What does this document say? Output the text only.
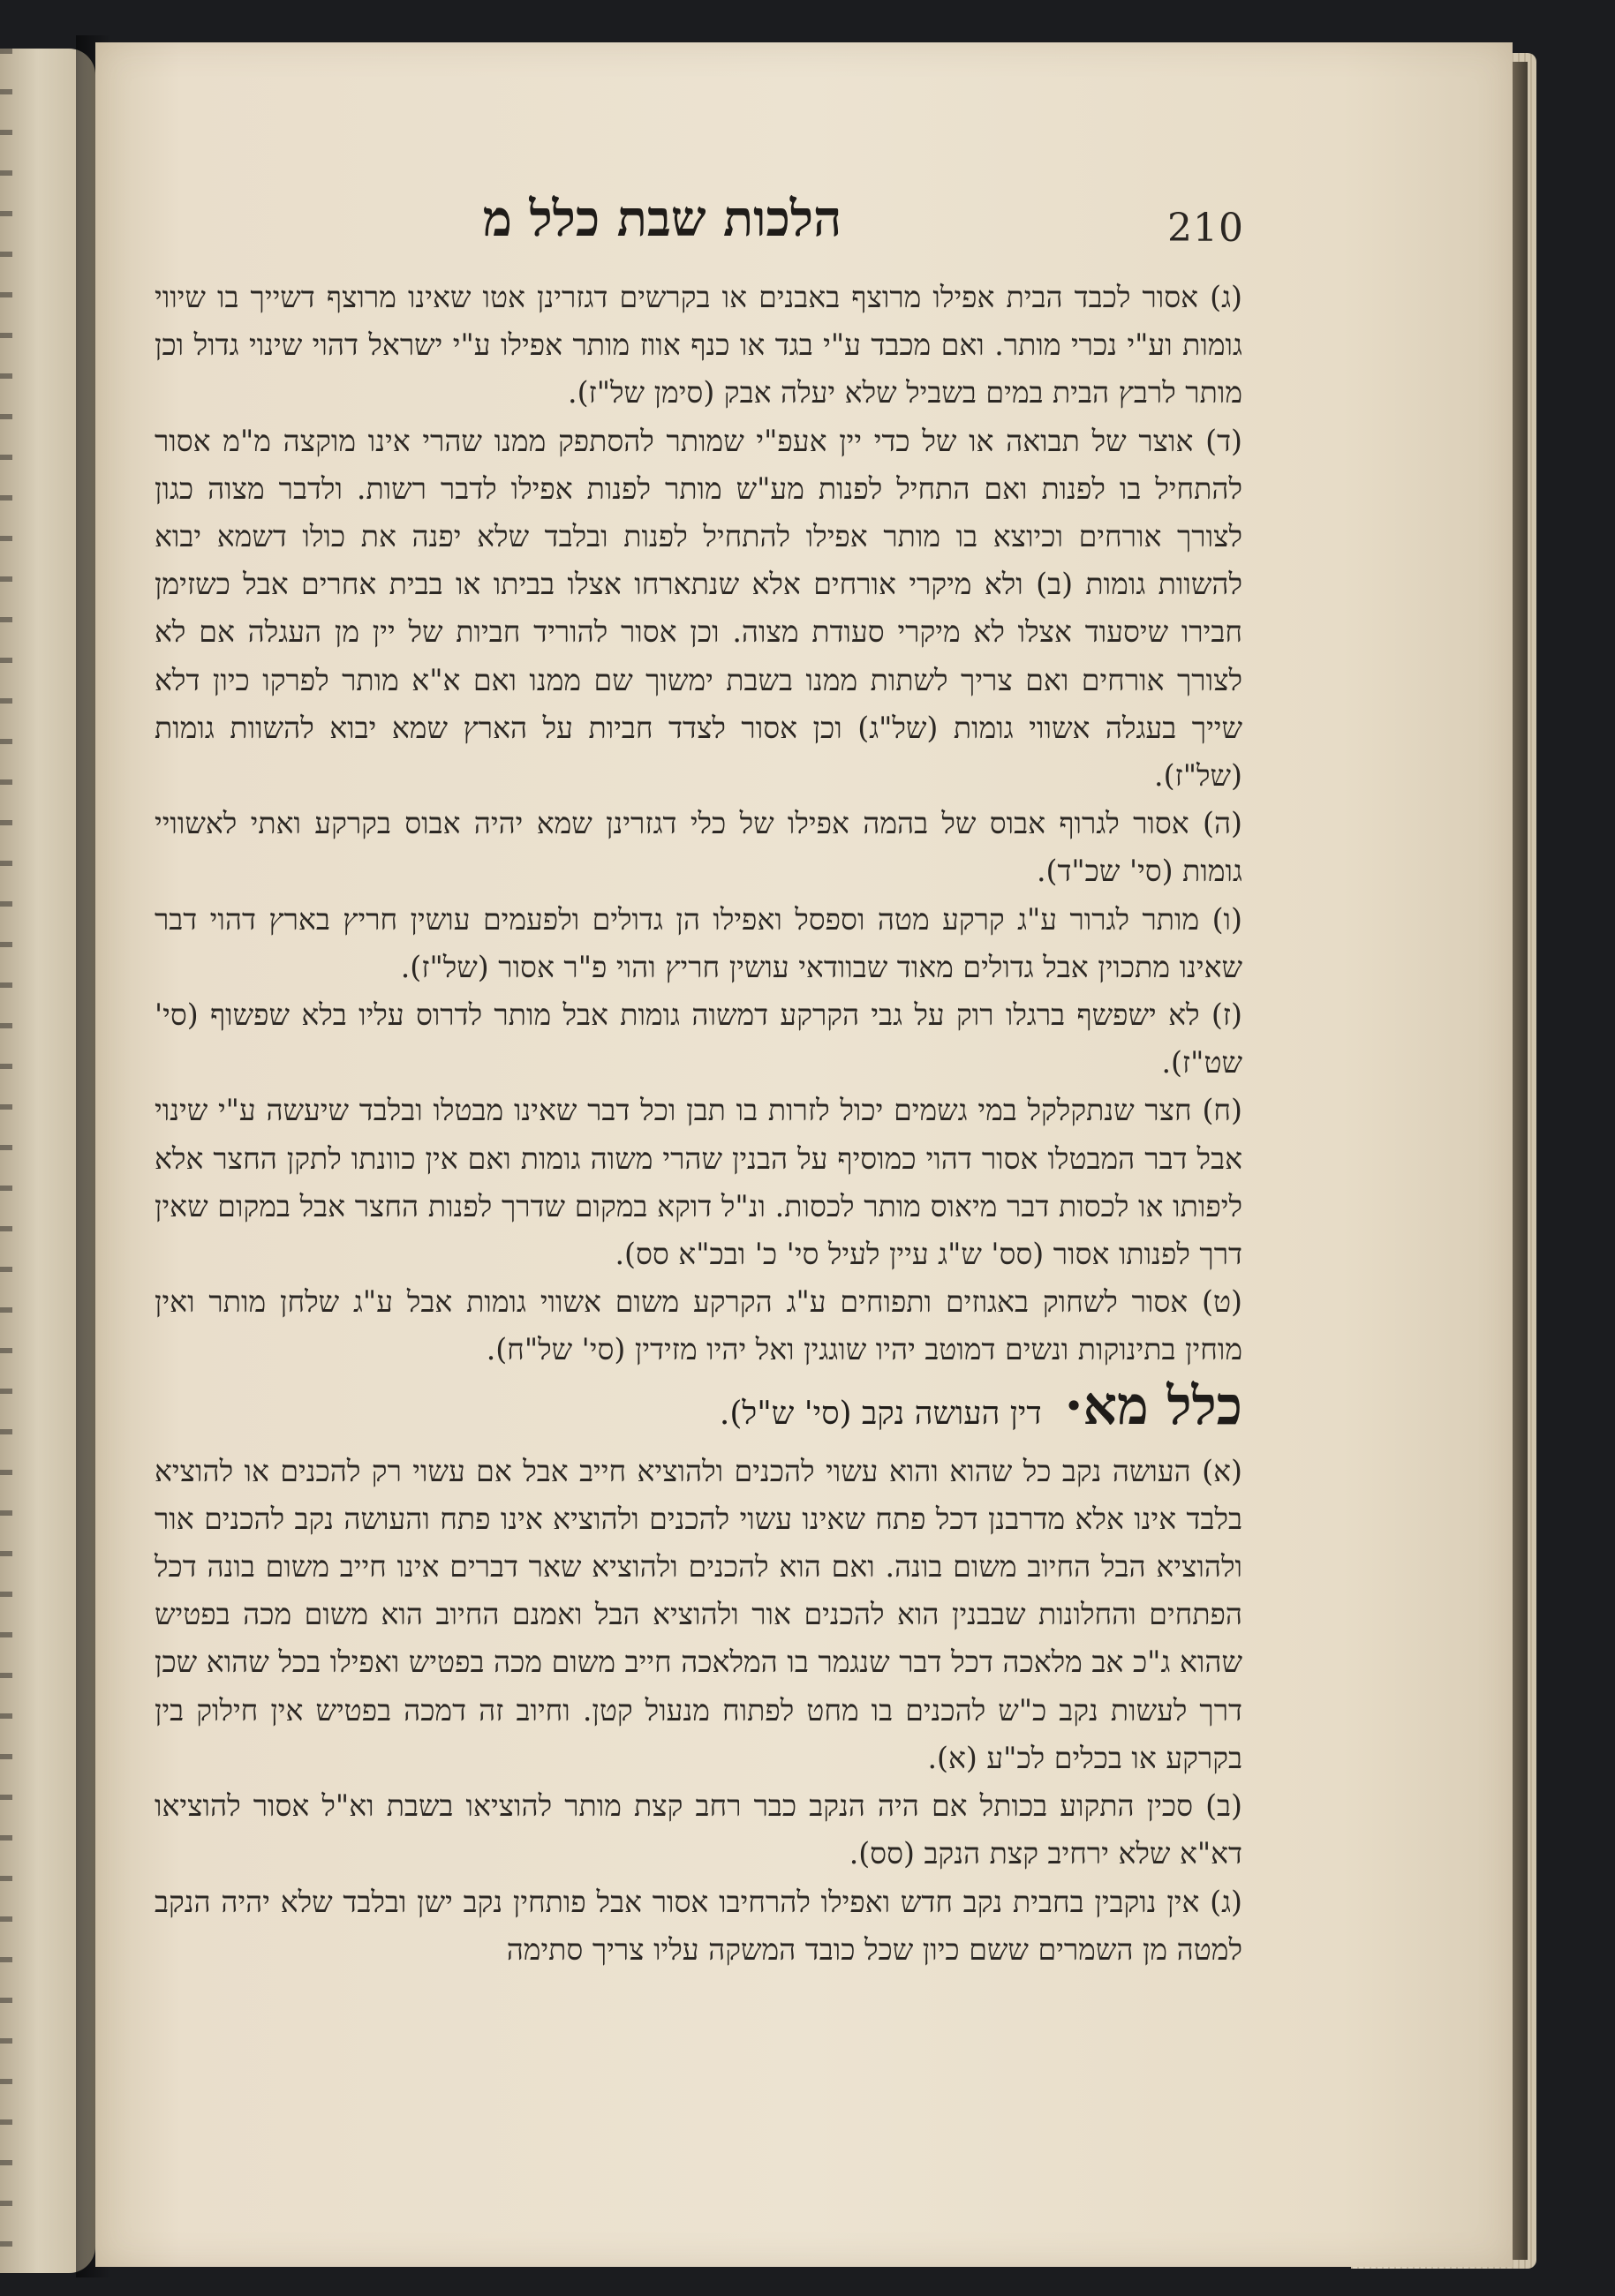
210
הלכות שבת כלל מ

(ג) אסור לכבד הבית אפילו מרוצף באבנים או בקרשים דגזרינן אטו שאינו מרוצף דשייך בו שיווי גומות וע"י נכרי מותר. ואם מכבד ע"י בגד או כנף אווז מותר אפילו ע"י ישראל דהוי שינוי גדול וכן מותר לרבץ הבית במים בשביל שלא יעלה אבק (סימן של"ז).

(ד) אוצר של תבואה או של כדי יין אעפ"י שמותר להסתפק ממנו שהרי אינו מוקצה מ"מ אסור להתחיל בו לפנות ואם התחיל לפנות מע"ש מותר לפנות אפילו לדבר רשות. ולדבר מצוה כגון לצורך אורחים וכיוצא בו מותר אפילו להתחיל לפנות ובלבד שלא יפנה את כולו דשמא יבוא להשוות גומות (ב) ולא מיקרי אורחים אלא שנתארחו אצלו בביתו או בבית אחרים אבל כשזימן חבירו שיסעוד אצלו לא מיקרי סעודת מצוה. וכן אסור להוריד חביות של יין מן העגלה אם לא לצורך אורחים ואם צריך לשתות ממנו בשבת ימשוך שם ממנו ואם א"א מותר לפרקו כיון דלא שייך בעגלה אשווי גומות (של"ג) וכן אסור לצדד חביות על הארץ שמא יבוא להשוות גומות (של"ז).

(ה) אסור לגרוף אבוס של בהמה אפילו של כלי דגזרינן שמא יהיה אבוס בקרקע ואתי לאשוויי גומות (סי' שכ"ד).

(ו) מותר לגרור ע"ג קרקע מטה וספסל ואפילו הן גדולים ולפעמים עושין חריץ בארץ דהוי דבר שאינו מתכוין אבל גדולים מאוד שבוודאי עושין חריץ והוי פ"ר אסור (של"ז).

(ז) לא ישפשף ברגלו רוק על גבי הקרקע דמשוה גומות אבל מותר לדרוס עליו בלא שפשוף (סי' שט"ז).

(ח) חצר שנתקלקל במי גשמים יכול לזרות בו תבן וכל דבר שאינו מבטלו ובלבד שיעשה ע"י שינוי אבל דבר המבטלו אסור דהוי כמוסיף על הבנין שהרי משוה גומות ואם אין כוונתו לתקן החצר אלא ליפותו או לכסות דבר מיאוס מותר לכסות. ונ"ל דוקא במקום שדרך לפנות החצר אבל במקום שאין דרך לפנותו אסור (סס' ש"ג עיין לעיל סי' כ' ובכ"א סס).

(ט) אסור לשחוק באגוזים ותפוחים ע"ג הקרקע משום אשווי גומות אבל ע"ג שלחן מותר ואין מוחין בתינוקות ונשים דמוטב יהיו שוגגין ואל יהיו מזידין (סי' של"ח).

כלל מא· דין העושה נקב (סי' ש"ל).

(א) העושה נקב כל שהוא והוא עשוי להכנים ולהוציא חייב אבל אם עשוי רק להכנים או להוציא בלבד אינו אלא מדרבנן דכל פתח שאינו עשוי להכנים ולהוציא אינו פתח והעושה נקב להכנים אור ולהוציא הבל החיוב משום בונה. ואם הוא להכנים ולהוציא שאר דברים אינו חייב משום בונה דכל הפתחים והחלונות שבבנין הוא להכנים אור ולהוציא הבל ואמנם החיוב הוא משום מכה בפטיש שהוא ג"כ אב מלאכה דכל דבר שנגמר בו המלאכה חייב משום מכה בפטיש ואפילו בכל שהוא שכן דרך לעשות נקב כ"ש להכנים בו מחט לפתוח מנעול קטן. וחיוב זה דמכה בפטיש אין חילוק בין בקרקע או בכלים לכ"ע (א).

(ב) סכין התקוע בכותל אם היה הנקב כבר רחב קצת מותר להוציאו בשבת וא"ל אסור להוציאו דא"א שלא ירחיב קצת הנקב (סס).

(ג) אין נוקבין בחבית נקב חדש ואפילו להרחיבו אסור אבל פותחין נקב ישן ובלבד שלא יהיה הנקב למטה מן השמרים ששם כיון שכל כובד המשקה עליו צריך סתימה
